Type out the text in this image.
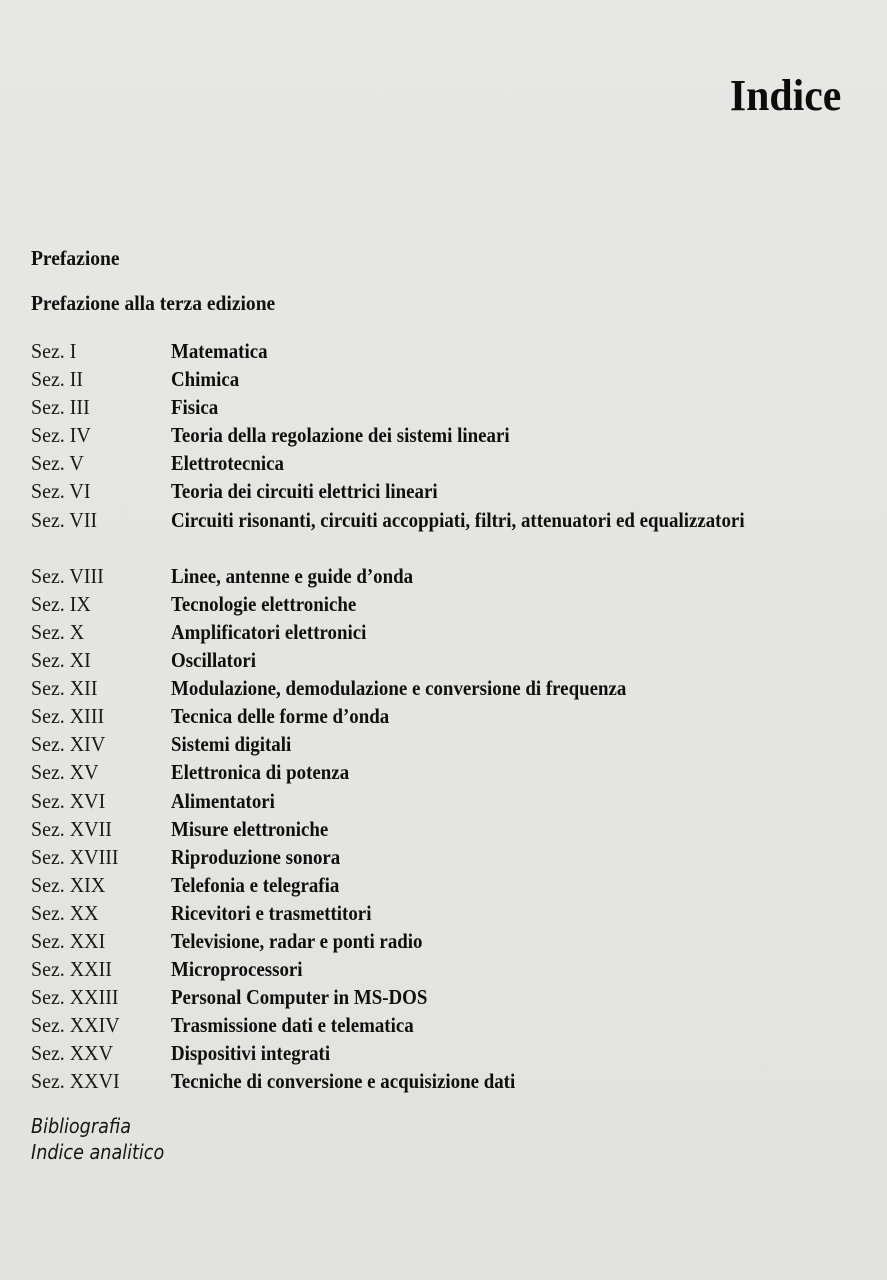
Indice
Prefazione
Prefazione alla terza edizione
Sez. I	Matematica
Sez. II	Chimica
Sez. III	Fisica
Sez. IV	Teoria della regolazione dei sistemi lineari
Sez. V	Elettrotecnica
Sez. VI	Teoria dei circuiti elettrici lineari
Sez. VII	Circuiti risonanti, circuiti accoppiati, filtri, attenuatori ed equalizzatori
Sez. VIII	Linee, antenne e guide d’onda
Sez. IX	Tecnologie elettroniche
Sez. X	Amplificatori elettronici
Sez. XI	Oscillatori
Sez. XII	Modulazione, demodulazione e conversione di frequenza
Sez. XIII	Tecnica delle forme d’onda
Sez. XIV	Sistemi digitali
Sez. XV	Elettronica di potenza
Sez. XVI	Alimentatori
Sez. XVII	Misure elettroniche
Sez. XVIII	Riproduzione sonora
Sez. XIX	Telefonia e telegrafia
Sez. XX	Ricevitori e trasmettitori
Sez. XXI	Televisione, radar e ponti radio
Sez. XXII	Microprocessori
Sez. XXIII	Personal Computer in MS-DOS
Sez. XXIV	Trasmissione dati e telematica
Sez. XXV	Dispositivi integrati
Sez. XXVI	Tecniche di conversione e acquisizione dati
Bibliografia
Indice analitico
